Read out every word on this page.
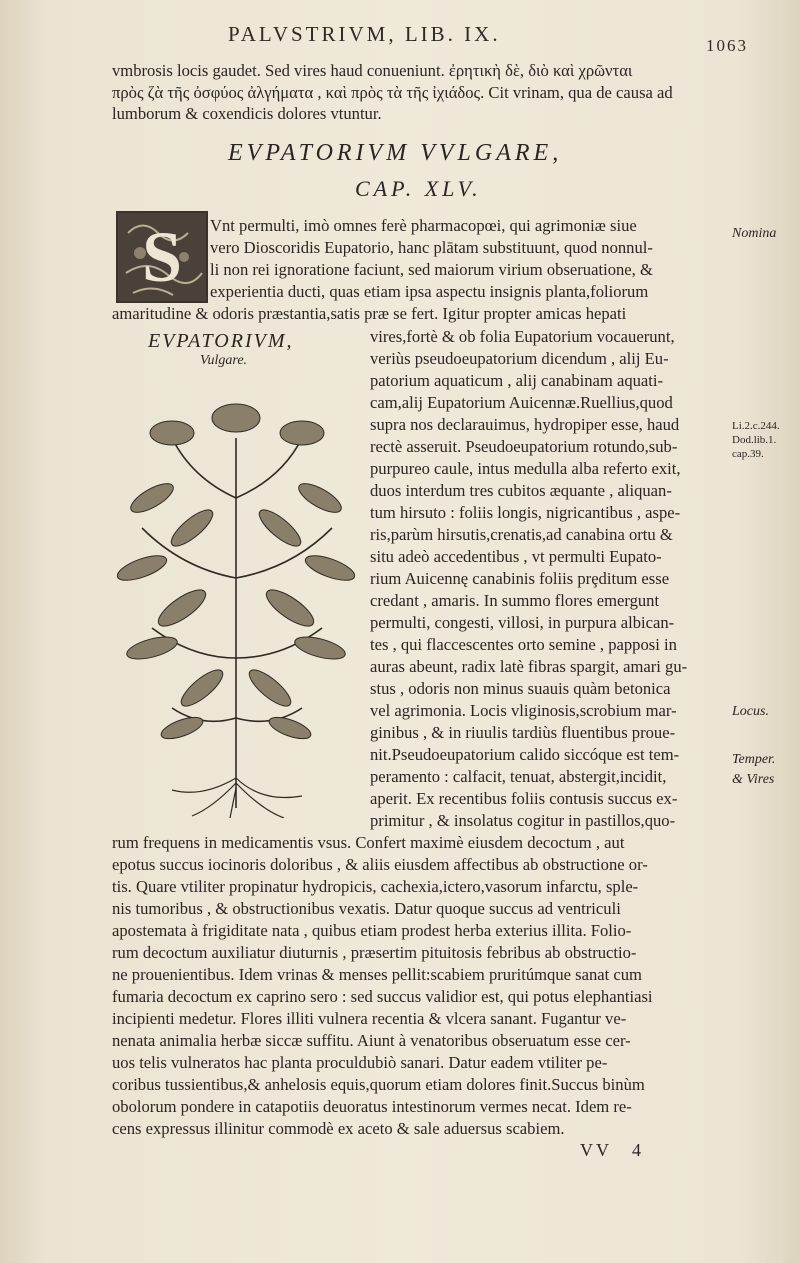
PALVSTRIVM, LIB. IX.	1063
vmbrosis locis gaudet. Sed vires haud conueniunt. ἐρητικὴ δὲ, διὸ καὶ χρῶνται
πρὸς ζὰ τῆς ὀσφύος ἀλγήματα , καὶ πρὸς τὰ τῆς ἰχιάδος. Cit vrinam, qua de causa ad
lumborum & coxendicis dolores vtuntur.
EVPATORIVM VVLGARE,
CAP. XLV.
S	Vnt permulti, imò omnes ferè pharmacopœi, qui agrimoniæ siue
vero Dioscoridis Eupatorio, hanc plātam substituunt, quod nonnul-
li non rei ignoratione faciunt, sed maiorum virium obseruatione, &
experientia ducti, quas etiam ipsa aspectu insignis planta,foliorum
amaritudine & odoris præstantia,satis præ se fert. Igitur propter amicas hepati
EVPATORIVM,
Vulgare.
vires,fortè & ob folia Eupatorium vocauerunt,
veriùs pseudoeupatorium dicendum , alij Eu-
patorium aquaticum , alij canabinam aquati-
cam,alij Eupatorium Auicennæ.Ruellius,quod
supra nos declarauimus, hydropiper esse, haud
rectè asseruit. Pseudoeupatorium rotundo,sub-
purpureo caule, intus medulla alba referto exit,
duos interdum tres cubitos æquante , aliquan-
tum hirsuto : foliis longis, nigricantibus , aspe-
ris,parùm hirsutis,crenatis,ad canabina ortu &
situ adeò accedentibus , vt permulti Eupato-
rium Auicennę canabinis foliis prȩditum esse
credant , amaris. In summo flores emergunt
permulti, congesti, villosi, in purpura albican-
tes , qui flaccescentes orto semine , papposi in
auras abeunt, radix latè fibras spargit, amari gu-
stus , odoris non minus suauis quàm betonica
vel agrimonia. Locis vliginosis,scrobium mar-
ginibus , & in riuulis tardiùs fluentibus proue-
nit.Pseudoeupatorium calido siccóque est tem-
peramento : calfacit, tenuat, abstergit,incidit,
aperit. Ex recentibus foliis contusis succus ex-
primitur , & insolatus cogitur in pastillos,quo-
rum frequens in medicamentis vsus. Confert maximè eiusdem decoctum , aut
epotus succus iocinoris doloribus , & aliis eiusdem affectibus ab obstructione or-
tis. Quare vtiliter propinatur hydropicis, cachexia,ictero,vasorum infarctu, sple-
nis tumoribus , & obstructionibus vexatis. Datur quoque succus ad ventriculi
apostemata à frigiditate nata , quibus etiam prodest herba exterius illita. Folio-
rum decoctum auxiliatur diuturnis , præsertim pituitosis febribus ab obstructio-
ne prouenientibus. Idem vrinas & menses pellit:scabiem pruritúmque sanat cum
fumaria decoctum ex caprino sero : sed succus validior est, qui potus elephantiasi
incipienti medetur. Flores illiti vulnera recentia & vlcera sanant. Fugantur ve-
nenata animalia herbæ siccæ suffitu. Aiunt à venatoribus obseruatum esse cer-
uos telis vulneratos hac planta proculdubiò sanari. Datur eadem vtiliter pe-
coribus tussientibus,& anhelosis equis,quorum etiam dolores finit.Succus binùm
obolorum pondere in catapotiis deuoratus intestinorum vermes necat. Idem re-
cens expressus illinitur commodè ex aceto & sale aduersus scabiem.
Nomina
Li.2.c.244.
Dod.lib.1.
cap.39.
Locus.
Temper.
& Vires
VV 4
